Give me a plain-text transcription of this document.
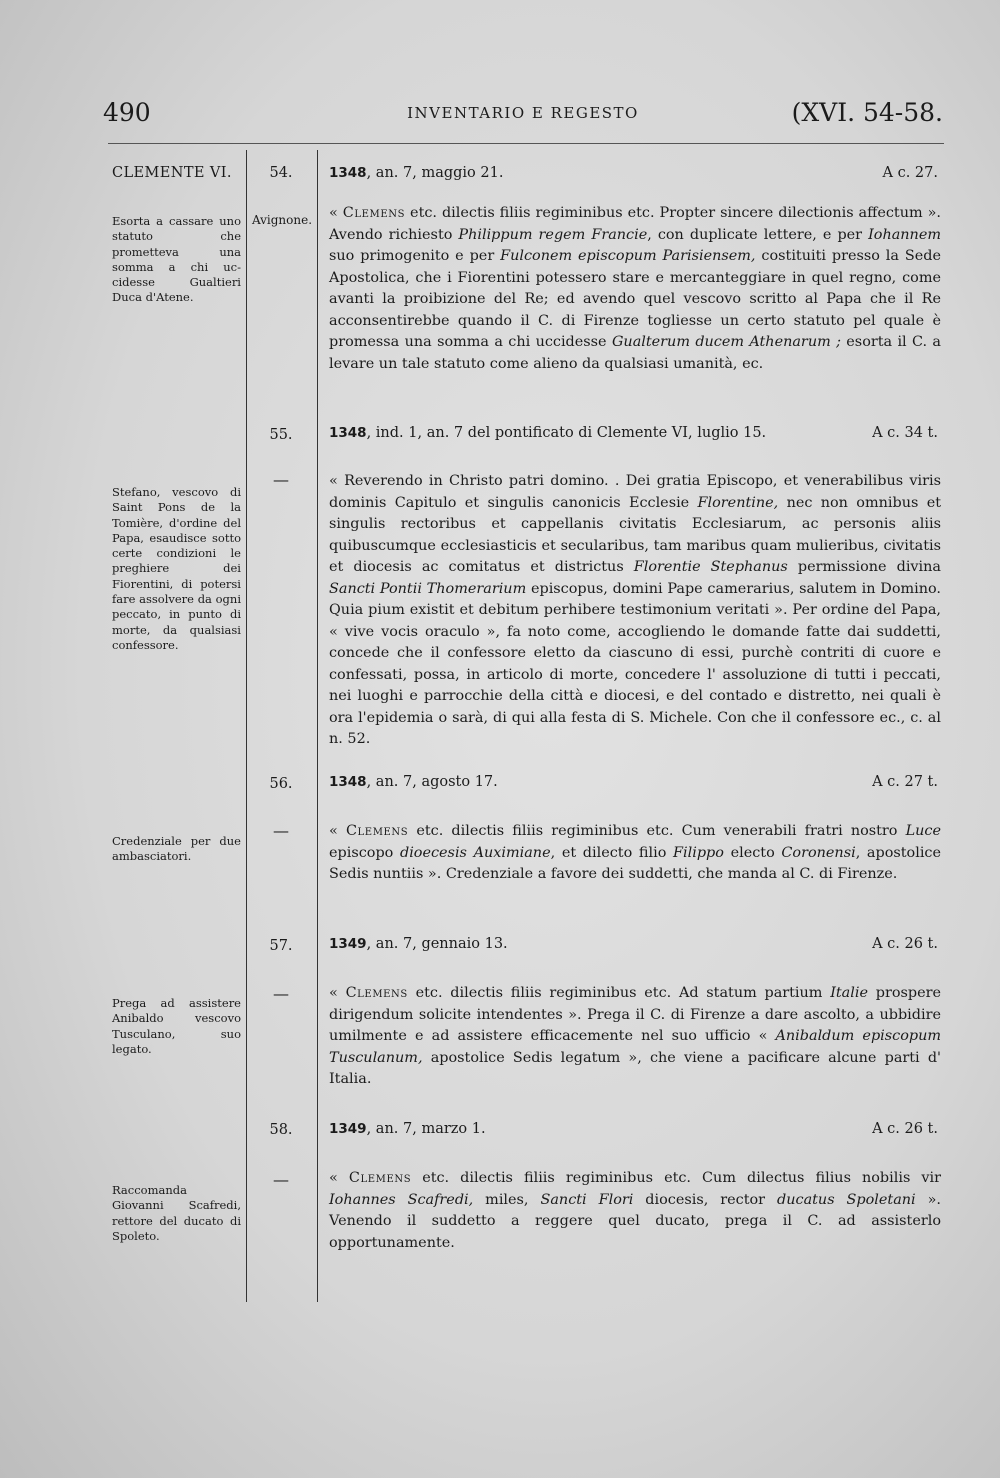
490	INVENTARIO E REGESTO	(XVI. 54-58.
CLEMENTE VI.	54.	1348, an. 7, maggio 21.	A c. 27.
Avignone.
Esorta a cassare uno statuto che prometteva una somma a chi uc-cidesse Gualtieri Duca d'Atene.
« Clemens etc. dilectis filiis regiminibus etc. Propter sincere dilectionis affectum ». Avendo richiesto Philippum regem Francie, con duplicate lettere, e per Iohannem suo primogenito e per Fulconem episcopum Parisiensem, costituiti presso la Sede Apostolica, che i Fiorentini potessero stare e mercanteggiare in quel regno, come avanti la proibizione del Re; ed avendo quel vescovo scritto al Papa che il Re acconsentirebbe quando il C. di Firenze togliesse un certo statuto pel quale è promessa una somma a chi uccidesse Gualterum ducem Athenarum ; esorta il C. a levare un tale statuto come alieno da qualsiasi umanità, ec.
55.	1348, ind. 1, an. 7 del pontificato di Clemente VI, luglio 15.	A c. 34 t.
—
Stefano, vescovo di Saint Pons de la Tomière, d'ordine del Papa, esaudisce sotto certe condizioni le preghiere dei Fiorentini, di potersi fare assolvere da ogni peccato, in punto di morte, da qualsiasi confessore.
« Reverendo in Christo patri domino. . Dei gratia Episcopo, et venerabilibus viris dominis Capitulo et singulis canonicis Ecclesie Florentine, nec non omnibus et singulis rectoribus et cappellanis civitatis Ecclesiarum, ac personis aliis quibuscumque ecclesiasticis et secularibus, tam maribus quam mulieribus, civitatis et diocesis ac comitatus et districtus Florentie Stephanus permissione divina Sancti Pontii Thomerarium episcopus, domini Pape camerarius, salutem in Domino. Quia pium existit et debitum perhibere testimonium veritati ». Per ordine del Papa, « vive vocis oraculo », fa noto come, accogliendo le domande fatte dai suddetti, concede che il confessore eletto da ciascuno di essi, purchè contriti di cuore e confessati, possa, in articolo di morte, concedere l' assoluzione di tutti i peccati, nei luoghi e parrocchie della città e diocesi, e del contado e distretto, nei quali è ora l'epidemia o sarà, di qui alla festa di S. Michele. Con che il confessore ec., c. al n. 52.
56.	1348, an. 7, agosto 17.	A c. 27 t.
—
Credenziale per due ambasciatori.
« Clemens etc. dilectis filiis regiminibus etc. Cum venerabili fratri nostro Luce episcopo dioecesis Auximiane, et dilecto filio Filippo electo Coronensi, apostolice Sedis nuntiis ». Credenziale a favore dei suddetti, che manda al C. di Firenze.
57.	1349, an. 7, gennaio 13.	A c. 26 t.
—
Prega ad assistere Anibaldo vescovo Tusculano, suo legato.
« Clemens etc. dilectis filiis regiminibus etc. Ad statum partium Italie prospere dirigendum solicite intendentes ». Prega il C. di Firenze a dare ascolto, a ubbidire umilmente e ad assistere efficacemente nel suo ufficio « Anibaldum episcopum Tusculanum, apostolice Sedis legatum », che viene a pacificare alcune parti d' Italia.
58.	1349, an. 7, marzo 1.	A c. 26 t.
—
Raccomanda Giovanni Scafredi, rettore del ducato di Spoleto.
« Clemens etc. dilectis filiis regiminibus etc. Cum dilectus filius nobilis vir Iohannes Scafredi, miles, Sancti Flori diocesis, rector ducatus Spoletani ». Venendo il suddetto a reggere quel ducato, prega il C. ad assisterlo opportunamente.
